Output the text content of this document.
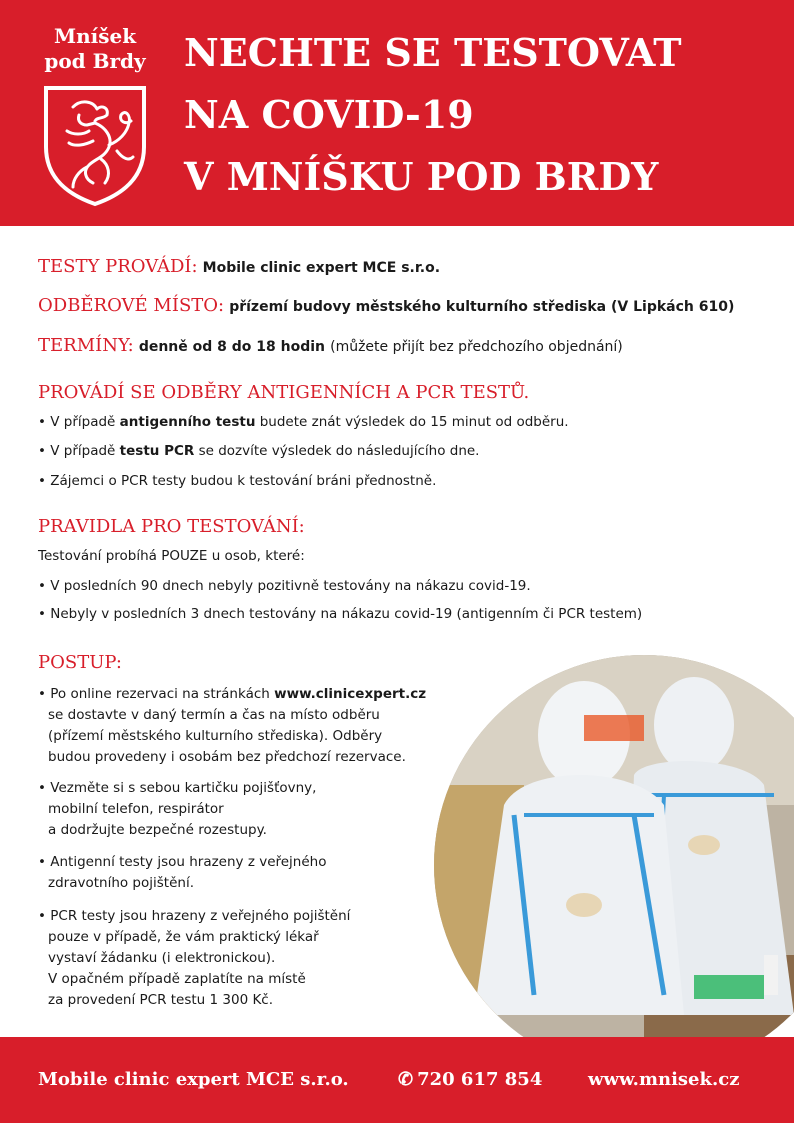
Mníšek
pod Brdy NECHTE SE TESTOVAT
NA COVID-19
V MNÍŠKU POD BRDY
TESTY PROVÁDÍ: Mobile clinic expert MCE s.r.o.
ODBĚROVÉ MÍSTO: přízemí budovy městského kulturního střediska (V Lipkách 610)
TERMÍNY: denně od 8 do 18 hodin (můžete přijít bez předchozího objednání)
PROVÁDÍ SE ODBĚRY ANTIGENNÍCH A PCR TESTŮ.
• V případě antigenního testu budete znát výsledek do 15 minut od odběru.
• V případě testu PCR se dozvíte výsledek do následujícího dne.
• Zájemci o PCR testy budou k testování bráni přednostně.
PRAVIDLA PRO TESTOVÁNÍ:
Testování probíhá POUZE u osob, které:
• V posledních 90 dnech nebyly pozitivně testovány na nákazu covid-19.
• Nebyly v posledních 3 dnech testovány na nákazu covid-19 (antigenním či PCR testem)
POSTUP:
• Po online rezervaci na stránkách www.clinicexpert.cz
se dostavte v daný termín a čas na místo odběru
(přízemí městského kulturního střediska). Odběry
budou provedeny i osobám bez předchozí rezervace.
• Vezměte si s sebou kartičku pojišťovny,
mobilní telefon, respirátor
a dodržujte bezpečné rozestupy.
• Antigenní testy jsou hrazeny z veřejného
zdravotního pojištění.
• PCR testy jsou hrazeny z veřejného pojištění
pouze v případě, že vám praktický lékař
vystaví žádanku (i elektronickou).
V opačném případě zaplatíte na místě
za provedení PCR testu 1 300 Kč.
Mobile clinic expert MCE s.r.o.	✆ 720 617 854	www.mnisek.cz
